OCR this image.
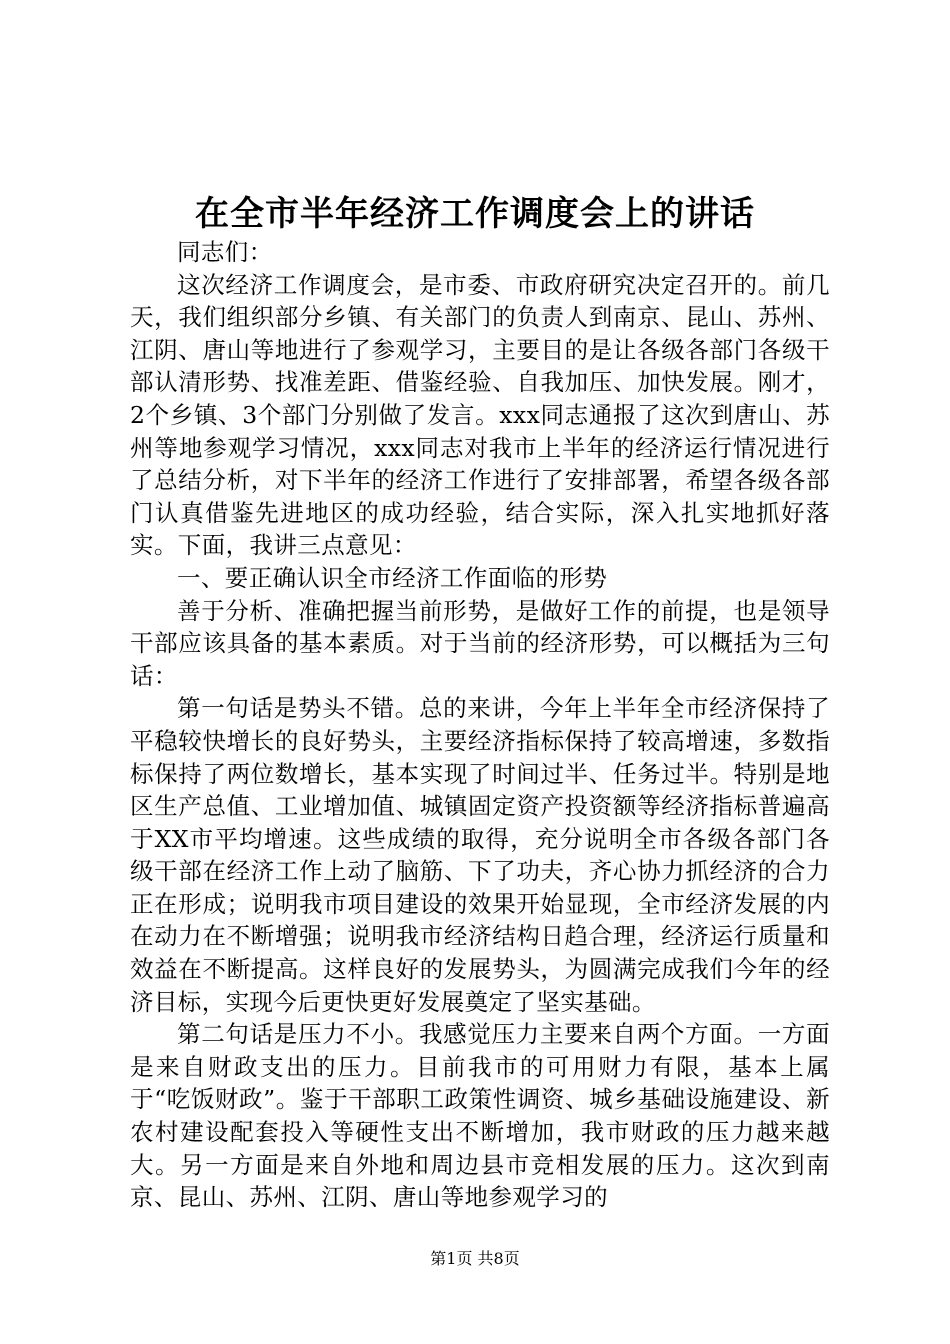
在全市半年经济工作调度会上的讲话

同志们：

这次经济工作调度会，是市委、市政府研究决定召开的。前几天，我们组织部分乡镇、有关部门的负责人到南京、昆山、苏州、江阴、唐山等地进行了参观学习，主要目的是让各级各部门各级干部认清形势、找准差距、借鉴经验、自我加压、加快发展。刚才，2个乡镇、3个部门分别做了发言。xxx同志通报了这次到唐山、苏州等地参观学习情况，xxx同志对我市上半年的经济运行情况进行了总结分析，对下半年的经济工作进行了安排部署，希望各级各部门认真借鉴先进地区的成功经验，结合实际，深入扎实地抓好落实。下面，我讲三点意见：

一、要正确认识全市经济工作面临的形势

善于分析、准确把握当前形势，是做好工作的前提，也是领导干部应该具备的基本素质。对于当前的经济形势，可以概括为三句话：

第一句话是势头不错。总的来讲，今年上半年全市经济保持了平稳较快增长的良好势头，主要经济指标保持了较高增速，多数指标保持了两位数增长，基本实现了时间过半、任务过半。特别是地区生产总值、工业增加值、城镇固定资产投资额等经济指标普遍高于XX市平均增速。这些成绩的取得，充分说明全市各级各部门各级干部在经济工作上动了脑筋、下了功夫，齐心协力抓经济的合力正在形成；说明我市项目建设的效果开始显现，全市经济发展的内在动力在不断增强；说明我市经济结构日趋合理，经济运行质量和效益在不断提高。这样良好的发展势头，为圆满完成我们今年的经济目标，实现今后更快更好发展奠定了坚实基础。

第二句话是压力不小。我感觉压力主要来自两个方面。一方面是来自财政支出的压力。目前我市的可用财力有限，基本上属于“吃饭财政”。鉴于干部职工政策性调资、城乡基础设施建设、新农村建设配套投入等硬性支出不断增加，我市财政的压力越来越大。另一方面是来自外地和周边县市竞相发展的压力。这次到南京、昆山、苏州、江阴、唐山等地参观学习的

第1页 共8页
